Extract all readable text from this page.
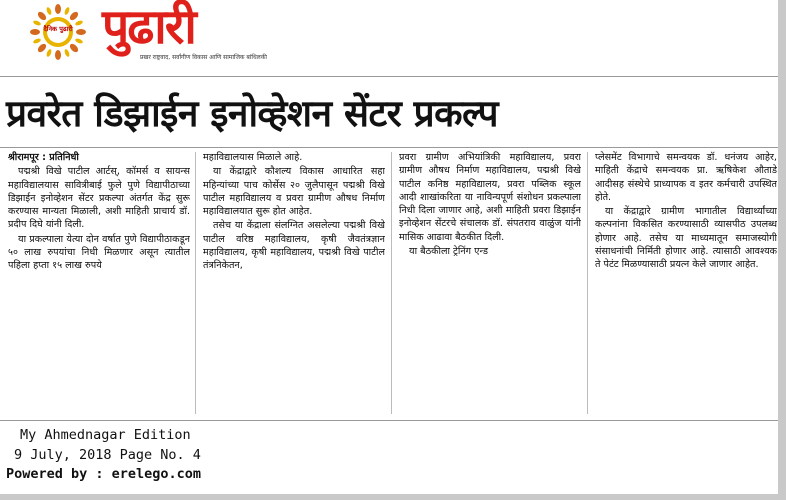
दैनिक पुढारी पुढारी
प्रखर राष्ट्रवाद, सर्वांगीण विकास आणि सामाजिक बांधिलकी
प्रवरेत डिझाईन इनोव्हेशन सेंटर प्रकल्प

श्रीरामपूर : प्रतिनिधी

पद्मश्री विखे पाटील आर्टस्, कॉमर्स व सायन्स महाविद्यालयास सावित्रीबाई फुले पुणे विद्यापीठाच्या डिझाईन इनोव्हेशन सेंटर प्रकल्पा अंतर्गत केंद्र सुरू करण्यास मान्यता मिळाली, अशी माहिती प्राचार्य डॉ. प्रदीप दिघे यांनी दिली.

या प्रकल्पाला येत्या दोन वर्षात पुणे विद्यापीठाकडून ५० लाख रुपयांचा निधी मिळणार असून त्यातील पहिला हप्ता १५ लाख रुपये

महाविद्यालयास मिळाले आहे.

या केंद्राद्वारे कौशल्य विकास आधारित सहा महिन्यांच्या पाच कोर्सेस २० जुलैपासून पद्मश्री विखे पाटील महाविद्यालय व प्रवरा ग्रामीण औषध निर्माण महाविद्यालयात सुरू होत आहेत.

तसेच या केंद्राला संलग्नित असलेल्या पद्मश्री विखे पाटील वरिष्ठ महाविद्यालय, कृषी जैवतंत्रज्ञान महाविद्यालय, कृषी महाविद्यालय, पद्मश्री विखे पाटील तंत्रनिकेतन,

प्रवरा ग्रामीण अभियांत्रिकी महाविद्यालय, प्रवरा ग्रामीण औषध निर्माण महाविद्यालय, पद्मश्री विखे पाटील कनिष्ठ महाविद्यालय, प्रवरा पब्लिक स्कूल आदी शाखांकरिता या नाविन्यपूर्ण संशोधन प्रकल्पाला निधी दिला जाणार आहे, अशी माहिती प्रवरा डिझाईन इनोव्हेशन सेंटरचे संचालक डॉ. संपतराव वाळुंज यांनी मासिक आढावा बैठकीत दिली.

या बैठकीला ट्रेनिंग एन्ड

प्लेसमेंट विभागाचे समन्वयक डॉ. धनंजय आहेर, माहिती केंद्राचे समन्वयक प्रा. ऋषिकेश औताडे आदीसह संस्थेचे प्राध्यापक व इतर कर्मचारी उपस्थित होते.

या केंद्राद्वारे ग्रामीण भागातील विद्यार्थ्यांच्या कल्पनांना विकसित करण्यासाठी व्यासपीठ उपलब्ध होणार आहे. तसेच या माध्यमातून समाजस्योगी संसाधनांची निर्मिती होणार आहे. त्यासाठी आवश्यक ते पेटंट मिळण्यासाठी प्रयत्न केले जाणार आहेत.

My Ahmednagar Edition
9 July, 2018 Page No. 4
Powered by : erelego.com
